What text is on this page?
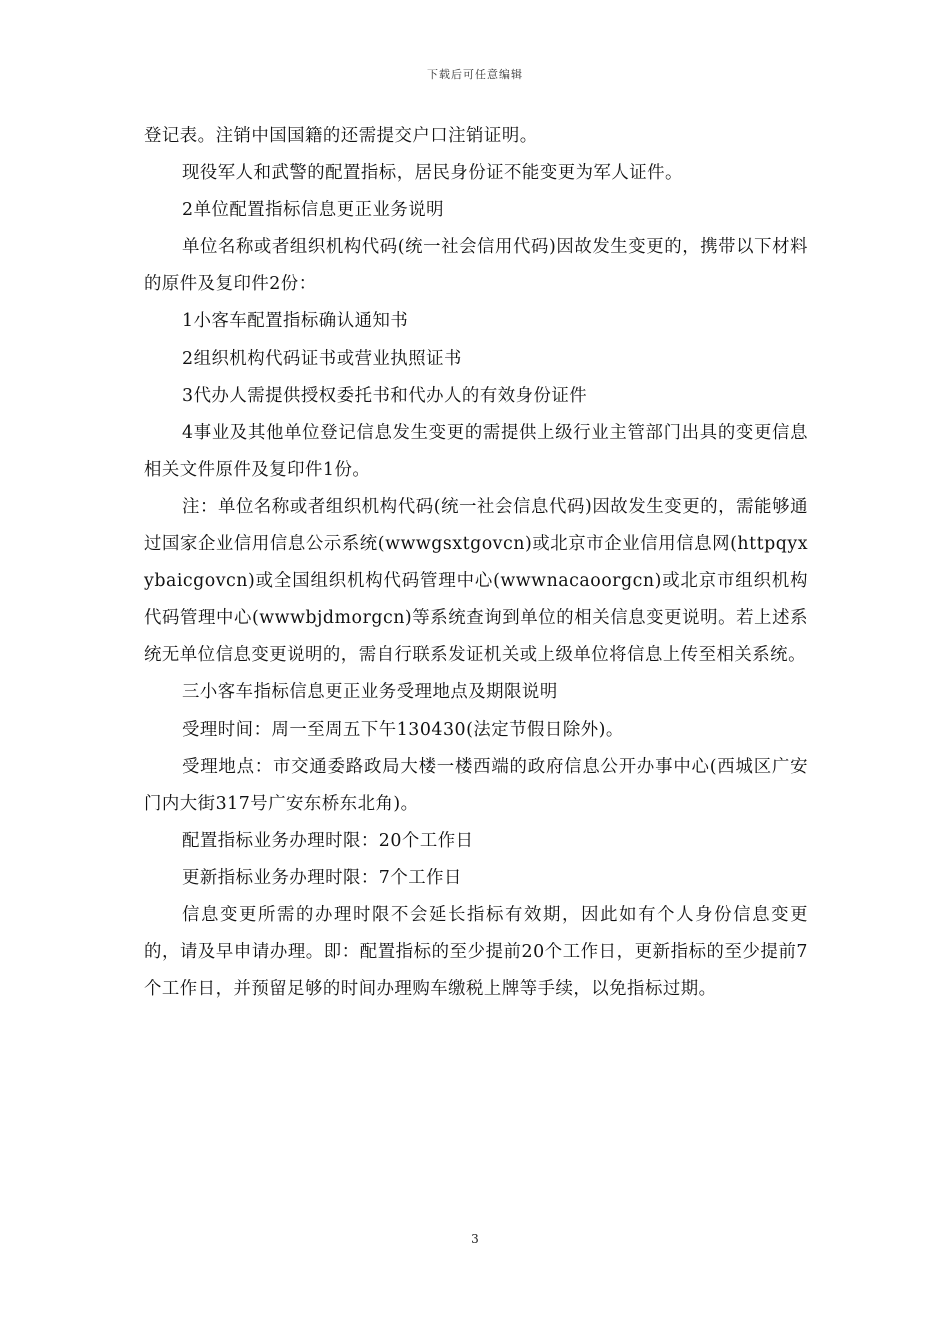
下载后可任意编辑

登记表。注销中国国籍的还需提交户口注销证明。

现役军人和武警的配置指标，居民身份证不能变更为军人证件。

2单位配置指标信息更正业务说明

单位名称或者组织机构代码(统一社会信用代码)因故发生变更的，携带以下材料的原件及复印件2份：

1小客车配置指标确认通知书

2组织机构代码证书或营业执照证书

3代办人需提供授权委托书和代办人的有效身份证件

4事业及其他单位登记信息发生变更的需提供上级行业主管部门出具的变更信息相关文件原件及复印件1份。

注：单位名称或者组织机构代码(统一社会信息代码)因故发生变更的，需能够通过国家企业信用信息公示系统(wwwgsxtgovcn)或北京市企业信用信息网(httpqyxybaicgovcn)或全国组织机构代码管理中心(wwwnacaoorgcn)或北京市组织机构代码管理中心(wwwbjdmorgcn)等系统查询到单位的相关信息变更说明。若上述系统无单位信息变更说明的，需自行联系发证机关或上级单位将信息上传至相关系统。

三小客车指标信息更正业务受理地点及期限说明

受理时间：周一至周五下午130430(法定节假日除外)。

受理地点：市交通委路政局大楼一楼西端的政府信息公开办事中心(西城区广安门内大街317号广安东桥东北角)。

配置指标业务办理时限：20个工作日

更新指标业务办理时限：7个工作日

信息变更所需的办理时限不会延长指标有效期，因此如有个人身份信息变更的，请及早申请办理。即：配置指标的至少提前20个工作日，更新指标的至少提前7个工作日，并预留足够的时间办理购车缴税上牌等手续，以免指标过期。

3
